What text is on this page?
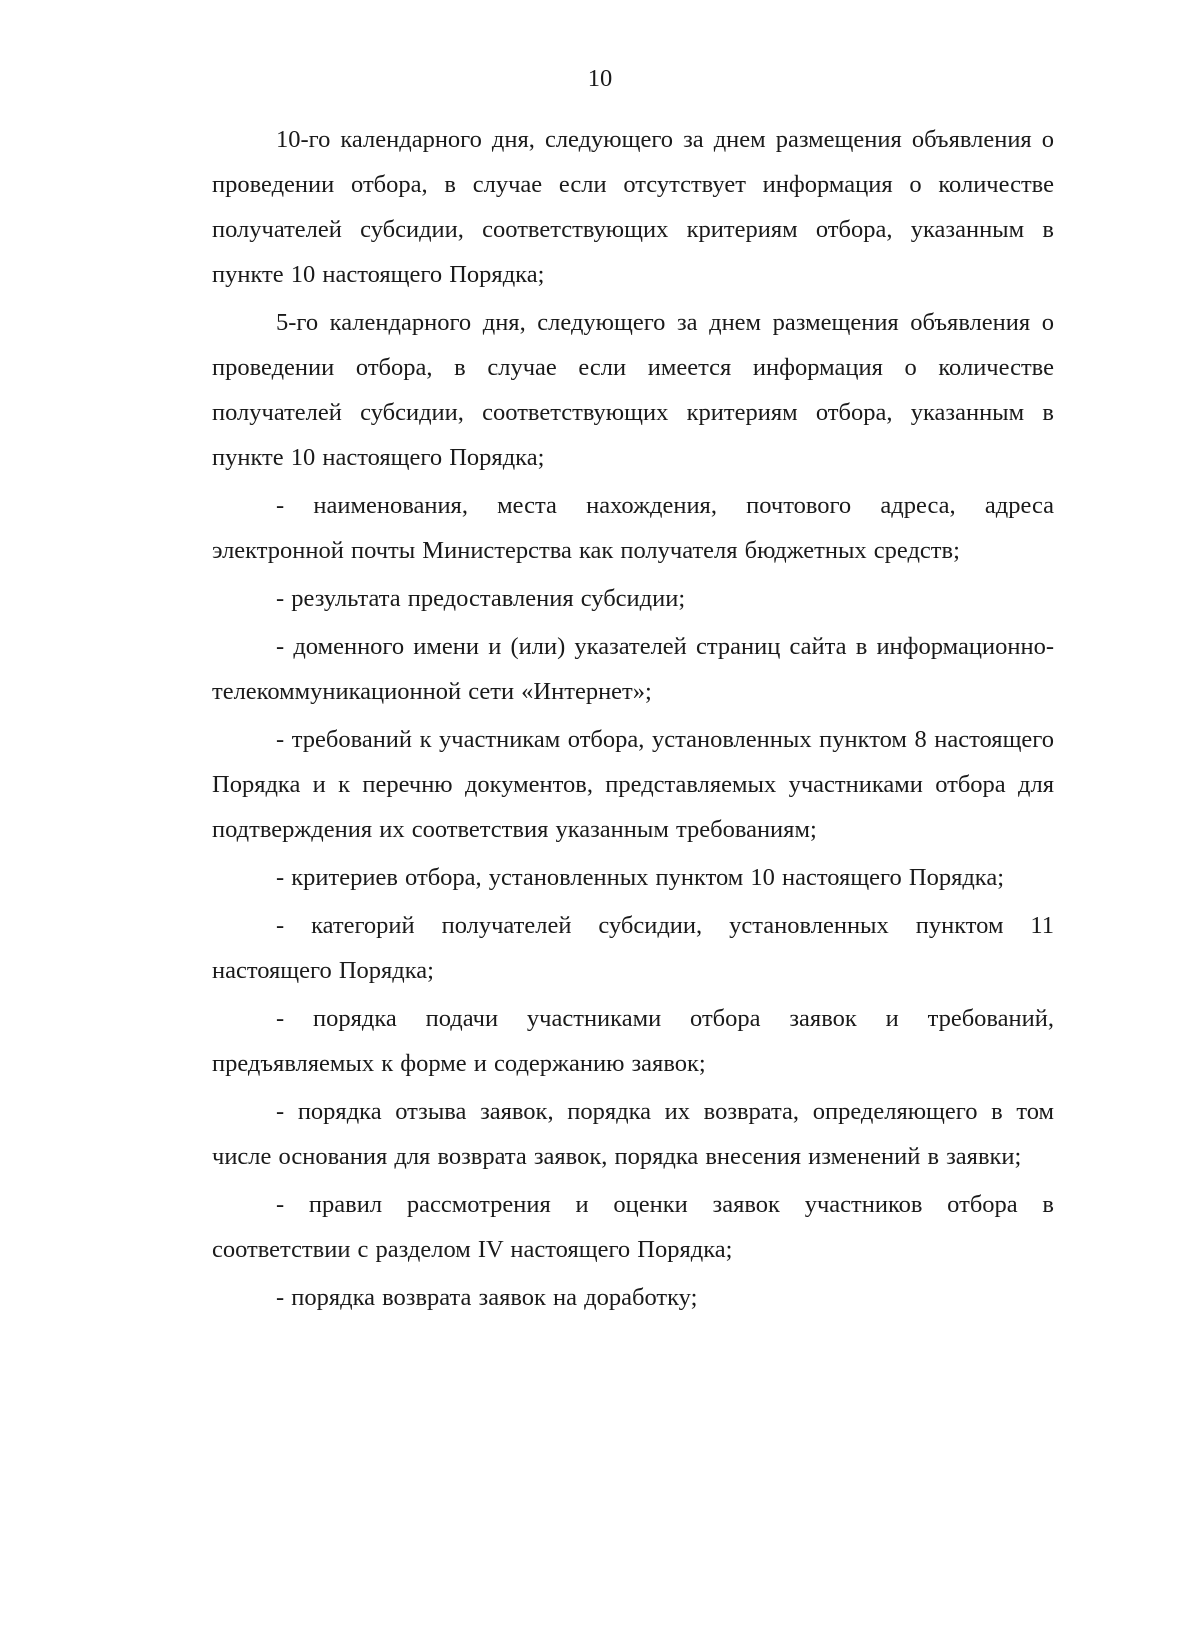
10

10-го календарного дня, следующего за днем размещения объявления о проведении отбора, в случае если отсутствует информация о количестве получателей субсидии, соответствующих критериям отбора, указанным в пункте 10 настоящего Порядка;

5-го календарного дня, следующего за днем размещения объявления о проведении отбора, в случае если имеется информация о количестве получателей субсидии, соответствующих критериям отбора, указанным в пункте 10 настоящего Порядка;

- наименования, места нахождения, почтового адреса, адреса электронной почты Министерства как получателя бюджетных средств;

- результата предоставления субсидии;

- доменного имени и (или) указателей страниц сайта в информационно-телекоммуникационной сети «Интернет»;

- требований к участникам отбора, установленных пунктом 8 настоящего Порядка и к перечню документов, представляемых участниками отбора для подтверждения их соответствия указанным требованиям;

- критериев отбора, установленных пунктом 10 настоящего Порядка;

- категорий получателей субсидии, установленных пунктом 11 настоящего Порядка;

- порядка подачи участниками отбора заявок и требований, предъявляемых к форме и содержанию заявок;

- порядка отзыва заявок, порядка их возврата, определяющего в том числе основания для возврата заявок, порядка внесения изменений в заявки;

- правил рассмотрения и оценки заявок участников отбора в соответствии с разделом IV настоящего Порядка;

- порядка возврата заявок на доработку;
